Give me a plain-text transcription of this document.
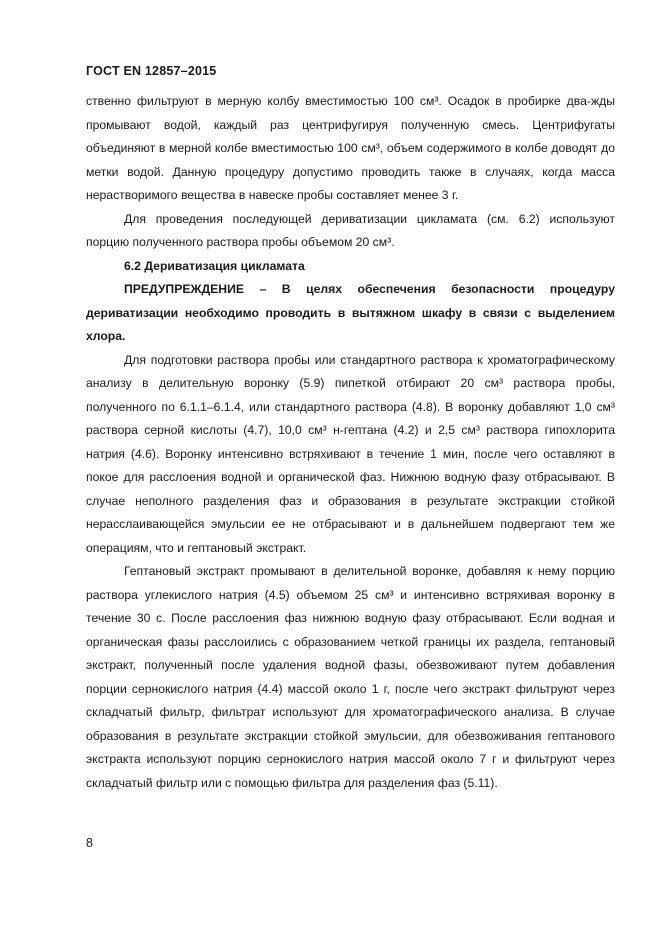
ГОСТ EN 12857–2015

ственно фильтруют в мерную колбу вместимостью 100 см³. Осадок в пробирке два-жды промывают водой, каждый раз центрифугируя полученную смесь. Центрифугаты объединяют в мерной колбе вместимостью 100 см³, объем содержимого в колбе доводят до метки водой. Данную процедуру допустимо проводить также в случаях, когда масса нерастворимого вещества в навеске пробы составляет менее 3 г.

Для проведения последующей дериватизации цикламата (см. 6.2) используют порцию полученного раствора пробы объемом 20 см³.

6.2 Дериватизация цикламата

ПРЕДУПРЕЖДЕНИЕ – В целях обеспечения безопасности процедуру дериватизации необходимо проводить в вытяжном шкафу в связи с выделением хлора.

Для подготовки раствора пробы или стандартного раствора к хроматографическому анализу в делительную воронку (5.9) пипеткой отбирают 20 см³ раствора пробы, полученного по 6.1.1–6.1.4, или стандартного раствора (4.8). В воронку добавляют 1,0 см³ раствора серной кислоты (4.7), 10,0 см³ н-гептана (4.2) и 2,5 см³ раствора гипохлорита натрия (4.6). Воронку интенсивно встряхивают в течение 1 мин, после чего оставляют в покое для расслоения водной и органической фаз. Нижнюю водную фазу отбрасывают. В случае неполного разделения фаз и образования в результате экстракции стойкой нерасслаивающейся эмульсии ее не отбрасывают и в дальнейшем подвергают тем же операциям, что и гептановый экстракт.

Гептановый экстракт промывают в делительной воронке, добавляя к нему порцию раствора углекислого натрия (4.5) объемом 25 см³ и интенсивно встряхивая воронку в течение 30 с. После расслоения фаз нижнюю водную фазу отбрасывают. Если водная и органическая фазы расслоились с образованием четкой границы их раздела, гептановый экстракт, полученный после удаления водной фазы, обезвоживают путем добавления порции сернокислого натрия (4.4) массой около 1 г, после чего экстракт фильтруют через складчатый фильтр, фильтрат используют для хроматографического анализа. В случае образования в результате экстракции стойкой эмульсии, для обезвоживания гептанового экстракта используют порцию сернокислого натрия массой около 7 г и фильтруют через складчатый фильтр или с помощью фильтра для разделения фаз (5.11).

8
